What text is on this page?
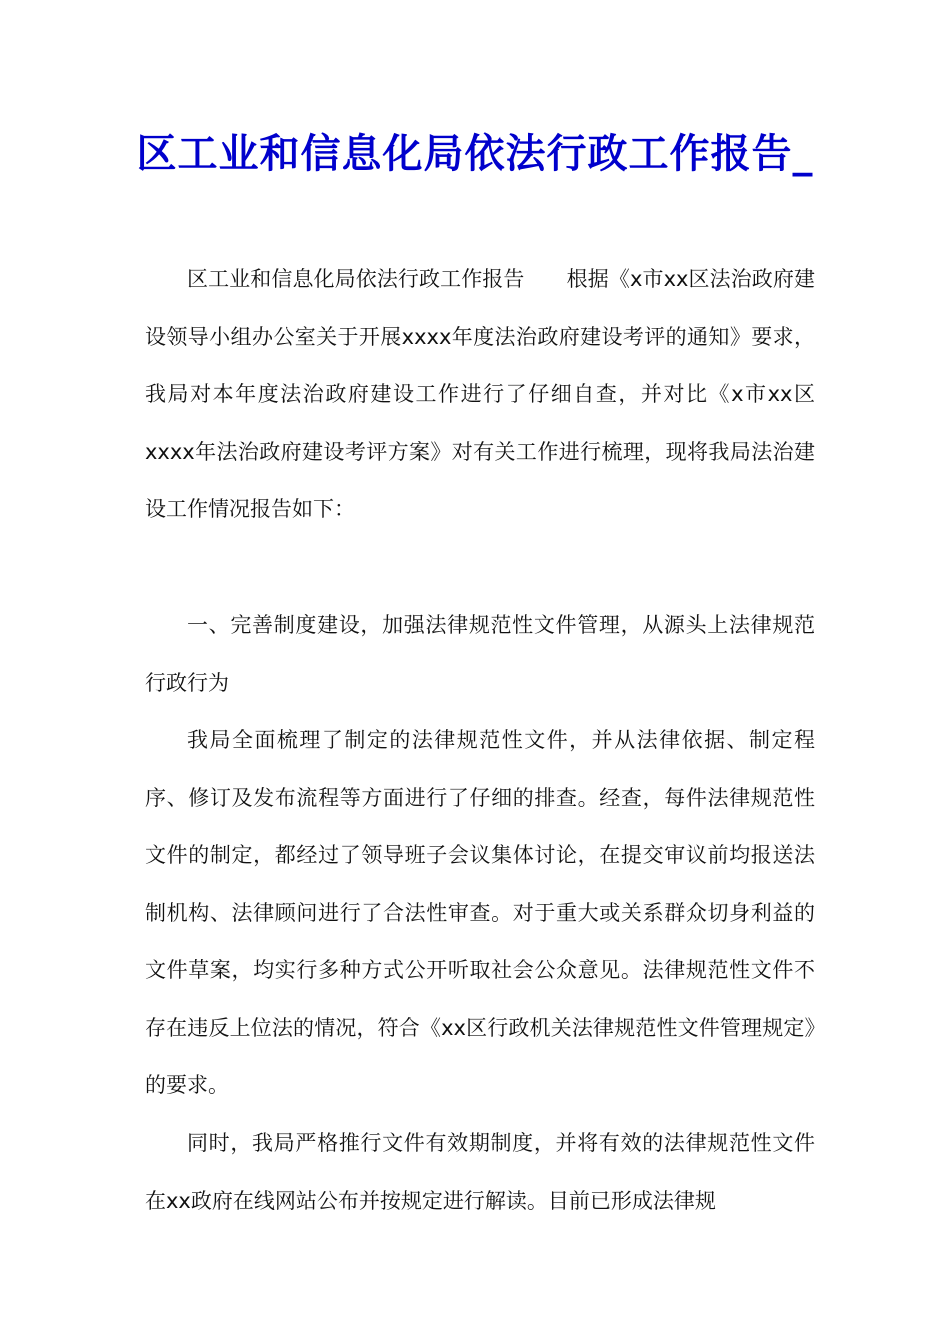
区工业和信息化局依法行政工作报告_

区工业和信息化局依法行政工作报告　　根据《x市xx区法治政府建设领导小组办公室关于开展xxxx年度法治政府建设考评的通知》要求，我局对本年度法治政府建设工作进行了仔细自查，并对比《x市xx区xxxx年法治政府建设考评方案》对有关工作进行梳理，现将我局法治建设工作情况报告如下：

一、完善制度建设，加强法律规范性文件管理，从源头上法律规范行政行为

我局全面梳理了制定的法律规范性文件，并从法律依据、制定程序、修订及发布流程等方面进行了仔细的排查。经查，每件法律规范性文件的制定，都经过了领导班子会议集体讨论，在提交审议前均报送法制机构、法律顾问进行了合法性审查。对于重大或关系群众切身利益的文件草案，均实行多种方式公开听取社会公众意见。法律规范性文件不存在违反上位法的情况，符合《xx区行政机关法律规范性文件管理规定》的要求。

同时，我局严格推行文件有效期制度，并将有效的法律规范性文件在xx政府在线网站公布并按规定进行解读。目前已形成法律规
